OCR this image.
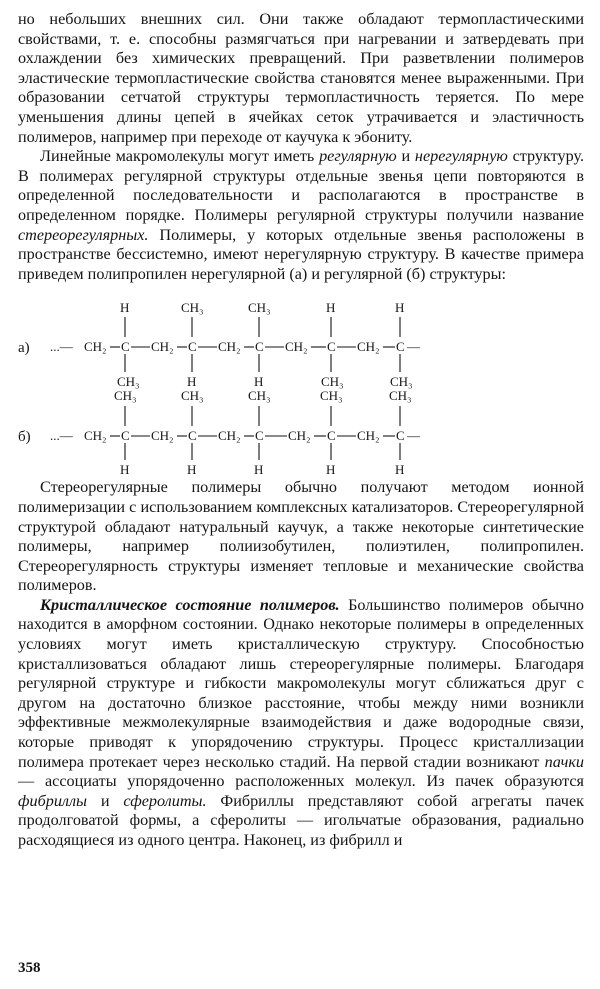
но небольших внешних сил. Они также обладают термопластическими свойствами, т. е. способны размягчаться при нагревании и затвердевать при охлаждении без химических превращений. При разветвлении полимеров эластические термопластические свойства становятся менее выраженными. При образовании сетчатой структуры термопластичность теряется. По мере уменьшения длины цепей в ячейках сеток утрачивается и эластичность полимеров, например при переходе от каучука к эбониту.

Линейные макромолекулы могут иметь регулярную и нерегулярную структуру. В полимерах регулярной структуры отдельные звенья цепи повторяются в определенной последовательности и располагаются в пространстве в определенном порядке. Полимеры регулярной структуры получили название стереорегулярных. Полимеры, у которых отдельные звенья расположены в пространстве бессистемно, имеют нерегулярную структуру. В качестве примера приведем полипропилен нерегулярной (а) и регулярной (б) структуры:

а) ...— CH₂ C CH₂ C CH₂ C CH₂ C CH₂ C —
H	CH₃	CH₃	H	H
CH₃	H	H	CH₃	CH₃
б) ...— CH₂ C CH₂ C CH₂ C CH₂ C CH₂ C —
CH₃	CH₃	CH₃	CH₃	CH₃
H	H	H	H	H

Стереорегулярные полимеры обычно получают методом ионной полимеризации с использованием комплексных катализаторов. Стереорегулярной структурой обладают натуральный каучук, а также некоторые синтетические полимеры, например полиизобутилен, полиэтилен, полипропилен. Стереорегулярность структуры изменяет тепловые и механические свойства полимеров.

Кристаллическое состояние полимеров. Большинство полимеров обычно находится в аморфном состоянии. Однако некоторые полимеры в определенных условиях могут иметь кристаллическую структуру. Способностью кристаллизоваться обладают лишь стереорегулярные полимеры. Благодаря регулярной структуре и гибкости макромолекулы могут сближаться друг с другом на достаточно близкое расстояние, чтобы между ними возникли эффективные межмолекулярные взаимодействия и даже водородные связи, которые приводят к упорядочению структуры. Процесс кристаллизации полимера протекает через несколько стадий. На первой стадии возникают пачки — ассоциаты упорядоченно расположенных молекул. Из пачек образуются фибриллы и сферолиты. Фибриллы представляют собой агрегаты пачек продолговатой формы, а сферолиты — игольчатые образования, радиально расходящиеся из одного центра. Наконец, из фибрилл и

358
